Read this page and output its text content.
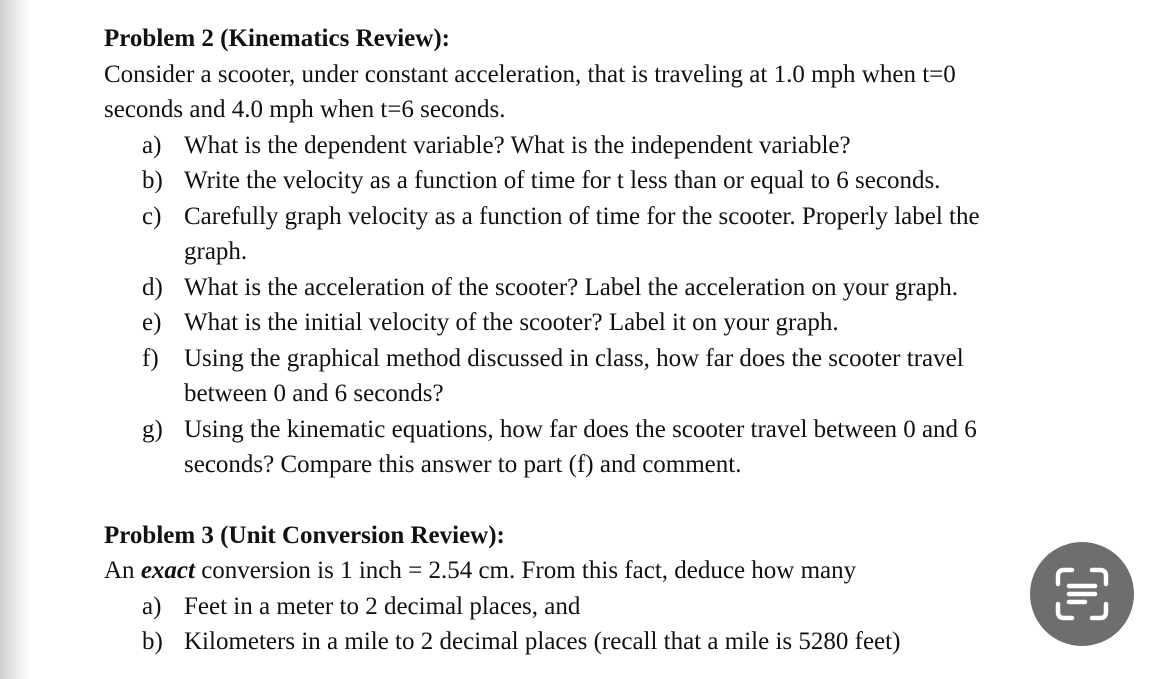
Problem 2 (Kinematics Review):

Consider a scooter, under constant acceleration, that is traveling at 1.0 mph when t=0

seconds and 4.0 mph when t=6 seconds.

a) What is the dependent variable? What is the independent variable?
b) Write the velocity as a function of time for t less than or equal to 6 seconds.
c) Carefully graph velocity as a function of time for the scooter. Properly label the
graph.
d) What is the acceleration of the scooter? Label the acceleration on your graph.
e) What is the initial velocity of the scooter? Label it on your graph.
f) Using the graphical method discussed in class, how far does the scooter travel
between 0 and 6 seconds?
g) Using the kinematic equations, how far does the scooter travel between 0 and 6
seconds? Compare this answer to part (f) and comment.

Problem 3 (Unit Conversion Review):

An exact conversion is 1 inch = 2.54 cm. From this fact, deduce how many

a) Feet in a meter to 2 decimal places, and
b) Kilometers in a mile to 2 decimal places (recall that a mile is 5280 feet)
